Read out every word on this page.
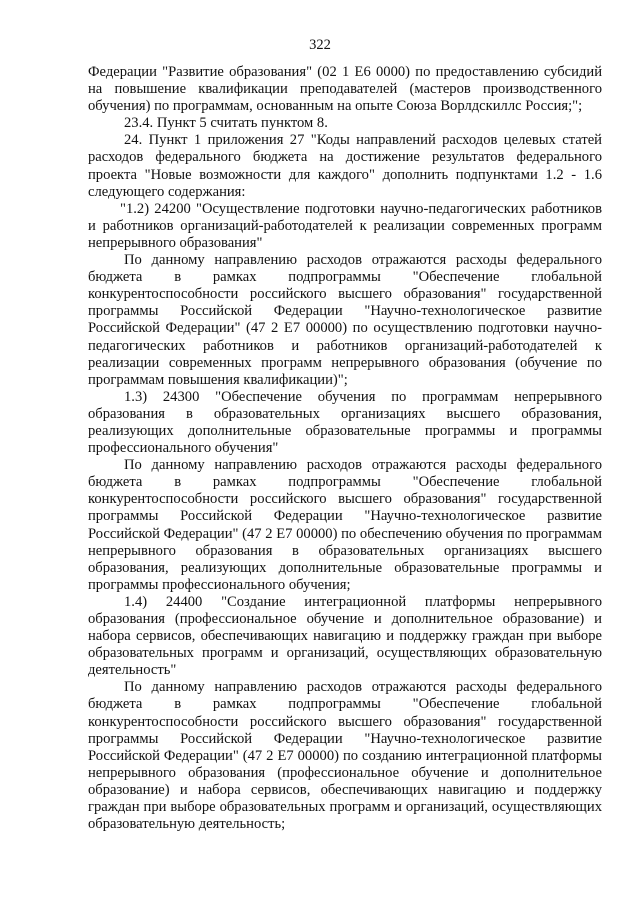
322

Федерации "Развитие образования" (02 1 Е6 0000) по предоставлению субсидий на повышение квалификации преподавателей (мастеров производственного обучения) по программам, основанным на опыте Союза Ворлдскиллс Россия;";

23.4. Пункт 5 считать пунктом 8.

24. Пункт 1 приложения 27 "Коды направлений расходов целевых статей расходов федерального бюджета на достижение результатов федерального проекта "Новые возможности для каждого" дополнить подпунктами 1.2 - 1.6 следующего содержания:

"1.2) 24200 "Осуществление подготовки научно-педагогических работников и работников организаций-работодателей к реализации современных программ непрерывного образования"

По данному направлению расходов отражаются расходы федерального бюджета в рамках подпрограммы "Обеспечение глобальной конкурентоспособности российского высшего образования" государственной программы Российской Федерации "Научно-технологическое развитие Российской Федерации" (47 2 Е7 00000) по осуществлению подготовки научно-педагогических работников и работников организаций-работодателей к реализации современных программ непрерывного образования (обучение по программам повышения квалификации)";

1.3) 24300 "Обеспечение обучения по программам непрерывного образования в образовательных организациях высшего образования, реализующих дополнительные образовательные программы и программы профессионального обучения"

По данному направлению расходов отражаются расходы федерального бюджета в рамках подпрограммы "Обеспечение глобальной конкурентоспособности российского высшего образования" государственной программы Российской Федерации "Научно-технологическое развитие Российской Федерации" (47 2 Е7 00000) по обеспечению обучения по программам непрерывного образования в образовательных организациях высшего образования, реализующих дополнительные образовательные программы и программы профессионального обучения;

1.4) 24400 "Создание интеграционной платформы непрерывного образования (профессиональное обучение и дополнительное образование) и набора сервисов, обеспечивающих навигацию и поддержку граждан при выборе образовательных программ и организаций, осуществляющих образовательную деятельность"

По данному направлению расходов отражаются расходы федерального бюджета в рамках подпрограммы "Обеспечение глобальной конкурентоспособности российского высшего образования" государственной программы Российской Федерации "Научно-технологическое развитие Российской Федерации" (47 2 Е7 00000) по созданию интеграционной платформы непрерывного образования (профессиональное обучение и дополнительное образование) и набора сервисов, обеспечивающих навигацию и поддержку граждан при выборе образовательных программ и организаций, осуществляющих образовательную деятельность;
